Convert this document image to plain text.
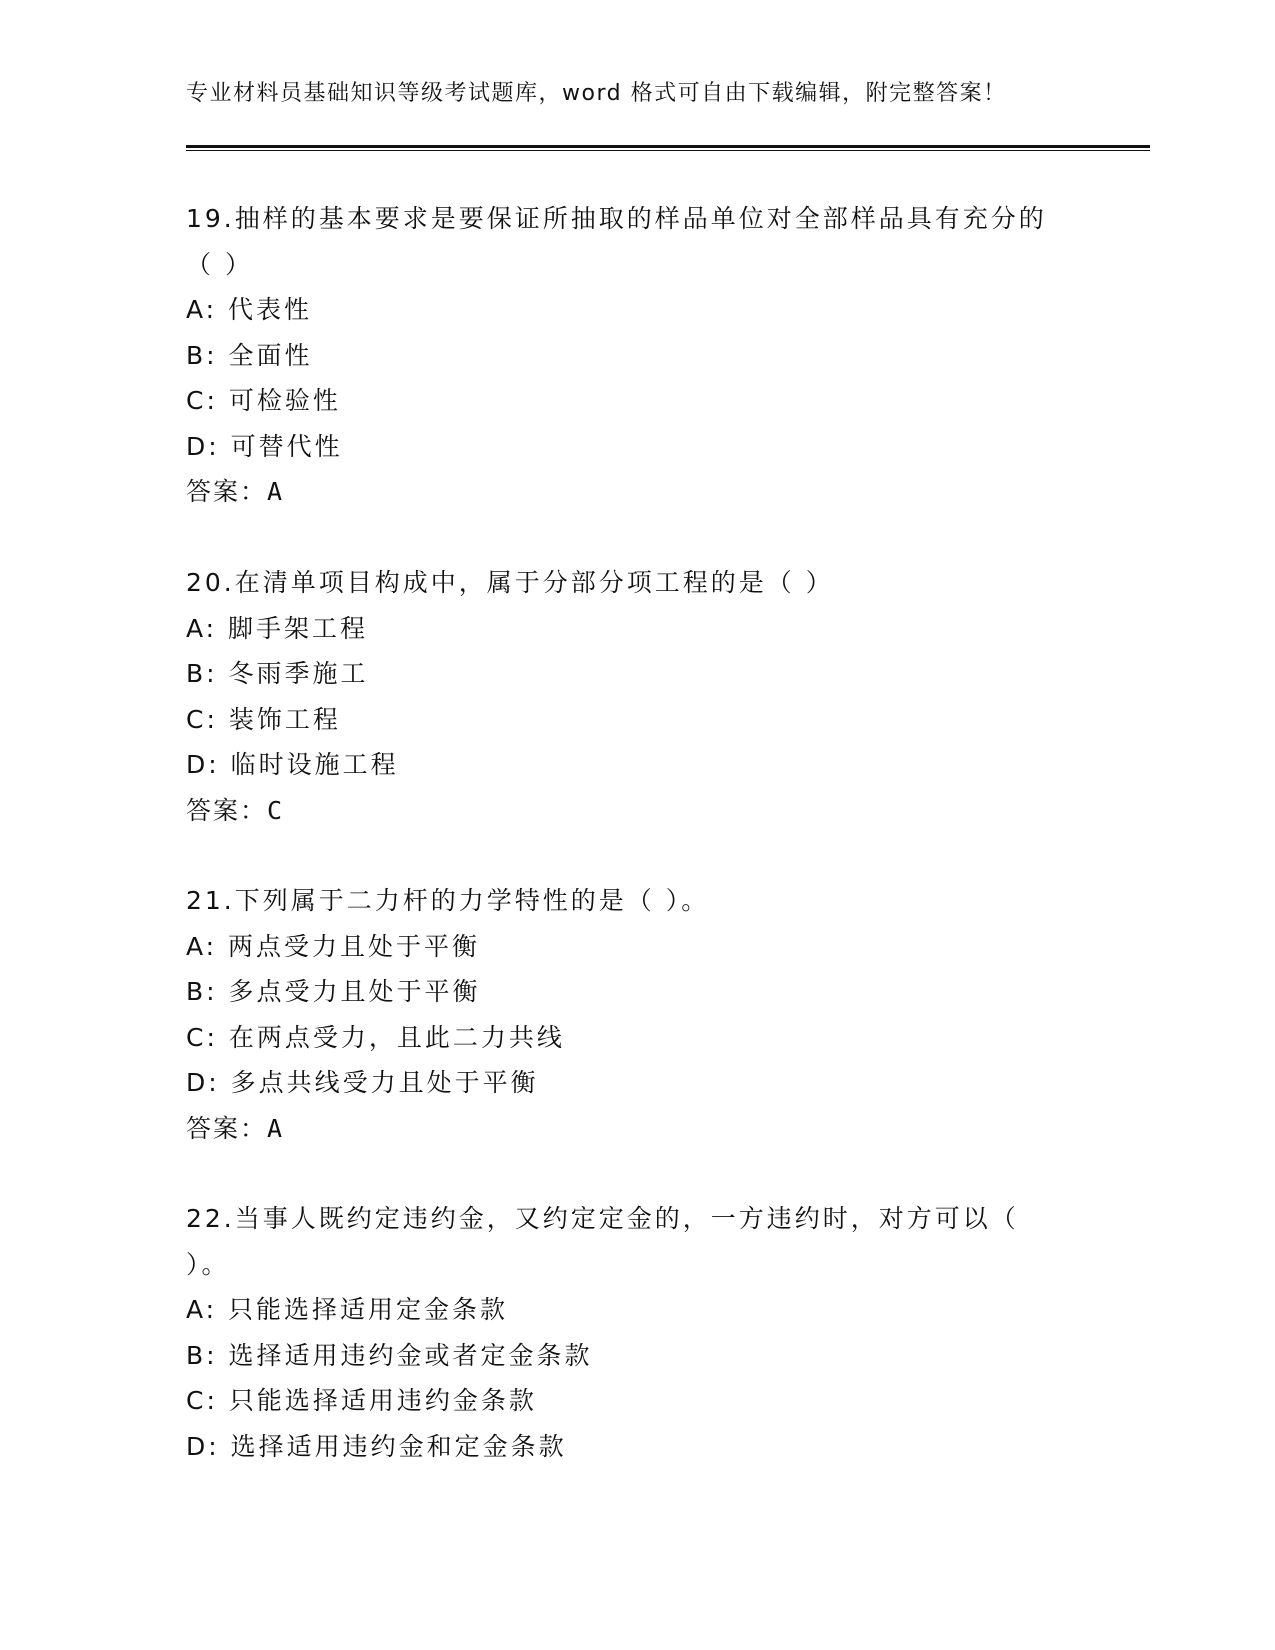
专业材料员基础知识等级考试题库，word 格式可自由下载编辑，附完整答案！
19.抽样的基本要求是要保证所抽取的样品单位对全部样品具有充分的
（ ）
A: 代表性
B: 全面性
C: 可检验性
D: 可替代性
答案：A
20.在清单项目构成中，属于分部分项工程的是（ ）
A: 脚手架工程
B: 冬雨季施工
C: 装饰工程
D: 临时设施工程
答案：C
21.下列属于二力杆的力学特性的是（ ）。
A: 两点受力且处于平衡
B: 多点受力且处于平衡
C: 在两点受力，且此二力共线
D: 多点共线受力且处于平衡
答案：A
22.当事人既约定违约金，又约定定金的，一方违约时，对方可以（
）。
A: 只能选择适用定金条款
B: 选择适用违约金或者定金条款
C: 只能选择适用违约金条款
D: 选择适用违约金和定金条款
